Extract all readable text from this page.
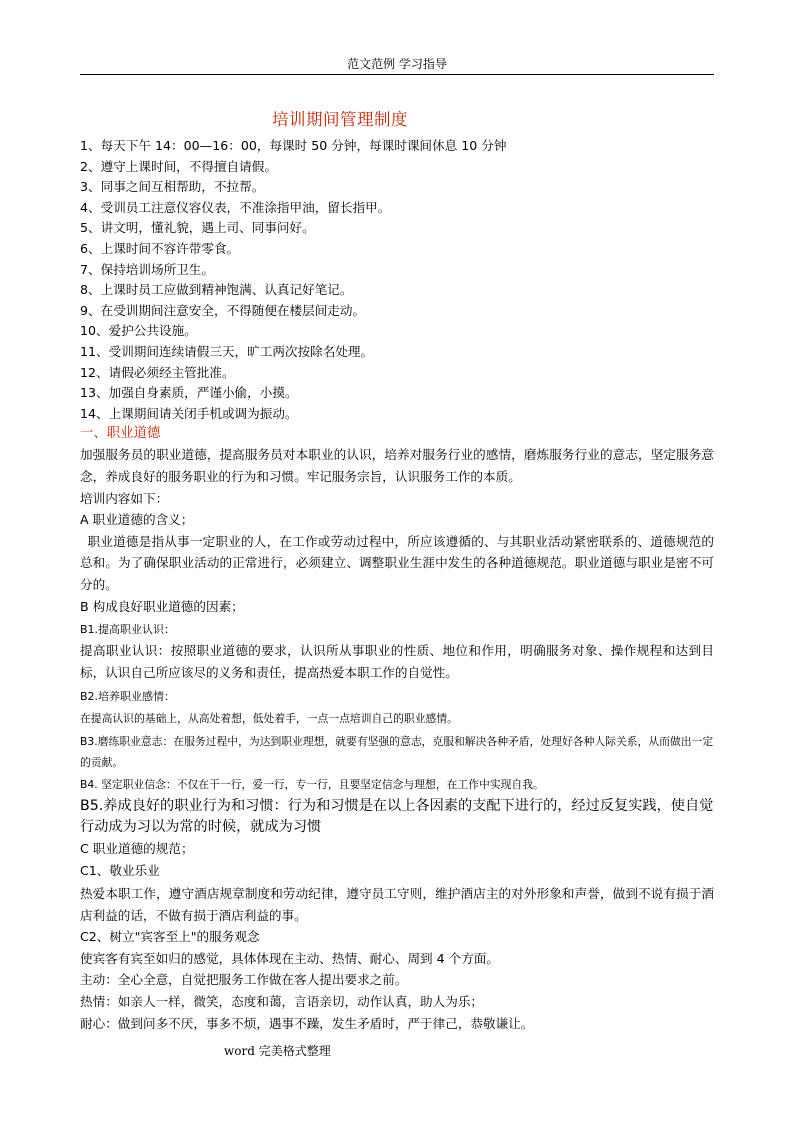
范文范例 学习指导
培训期间管理制度
1、每天下午 14：00—16：00，每课时 50 分钟，每课时课间休息 10 分钟
2、遵守上课时间，不得擅自请假。
3、同事之间互相帮助，不拉帮。
4、受训员工注意仪容仪表，不准涂指甲油，留长指甲。
5、讲文明，懂礼貌，遇上司、同事问好。
6、上课时间不容许带零食。
7、保持培训场所卫生。
8、上课时员工应做到精神饱满、认真记好笔记。
9、在受训期间注意安全，不得随便在楼层间走动。
10、爱护公共设施。
11、受训期间连续请假三天，旷工两次按除名处理。
12、请假必须经主管批准。
13、加强自身素质，严谨小偷，小摸。
14、上课期间请关闭手机或调为振动。
一、职业道德
加强服务员的职业道德，提高服务员对本职业的认识，培养对服务行业的感情，磨炼服务行业的意志，坚定服务意念，养成良好的服务职业的行为和习惯。牢记服务宗旨，认识服务工作的本质。
培训内容如下：
A 职业道德的含义；
职业道德是指从事一定职业的人，在工作或劳动过程中，所应该遵循的、与其职业活动紧密联系的、道德规范的总和。为了确保职业活动的正常进行，必须建立、调整职业生涯中发生的各种道德规范。职业道德与职业是密不可分的。
B 构成良好职业道德的因素；
B1.提高职业认识：
提高职业认识：按照职业道德的要求，认识所从事职业的性质、地位和作用，明确服务对象、操作规程和达到目标，认识自己所应该尽的义务和责任，提高热爱本职工作的自觉性。
B2.培养职业感情：
在提高认识的基础上，从高处着想，低处着手，一点一点培训自己的职业感情。
B3.磨练职业意志：在服务过程中，为达到职业理想，就要有坚强的意志，克服和解决各种矛盾，处理好各种人际关系，从而做出一定的贡献。
B4. 坚定职业信念：不仅在干一行，爱一行，专一行，且要坚定信念与理想，在工作中实现自我。
B5.养成良好的职业行为和习惯：行为和习惯是在以上各因素的支配下进行的，经过反复实践，使自觉行动成为习以为常的时候，就成为习惯
C 职业道德的规范；
C1、敬业乐业
热爱本职工作，遵守酒店规章制度和劳动纪律，遵守员工守则，维护酒店主的对外形象和声誉，做到不说有损于酒店利益的话，不做有损于酒店利益的事。
C2、树立"宾客至上"的服务观念
使宾客有宾至如归的感觉，具体体现在主动、热情、耐心、周到 4 个方面。
主动：全心全意，自觉把服务工作做在客人提出要求之前。
热情：如亲人一样，微笑，态度和蔼，言语亲切，动作认真，助人为乐；
耐心：做到问多不厌，事多不烦，遇事不躁，发生矛盾时，严于律己，恭敬谦让。
word 完美格式整理
